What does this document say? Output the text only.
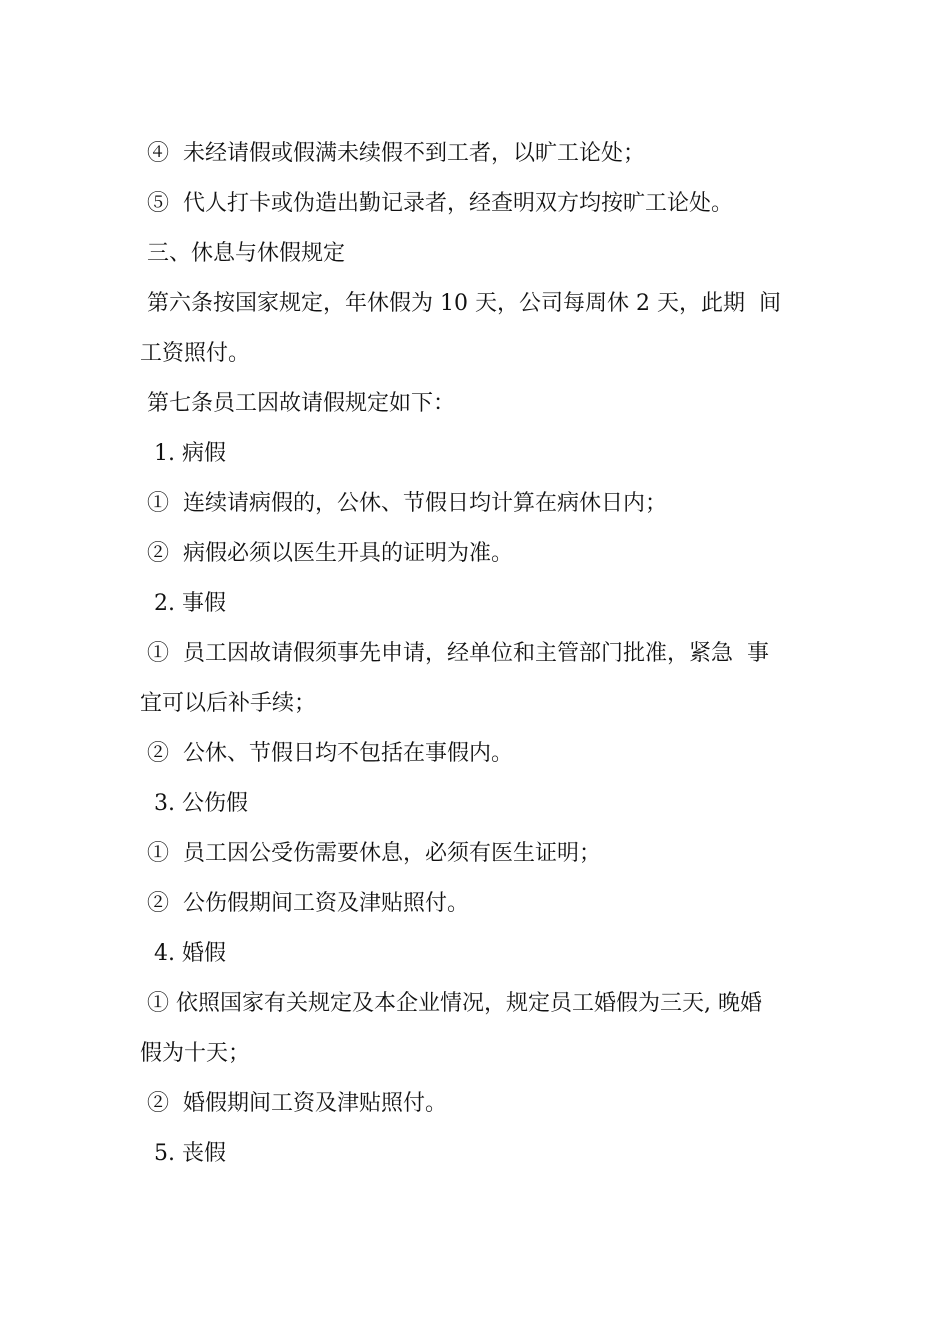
④  未经请假或假满未续假不到工者，以旷工论处；
⑤  代人打卡或伪造出勤记录者，经查明双方均按旷工论处。
三、休息与休假规定
第六条按国家规定，年休假为 10 天，公司每周休 2 天，此期  间
工资照付。
第七条员工因故请假规定如下：
1. 病假
①  连续请病假的，公休、节假日均计算在病休日内；
②  病假必须以医生开具的证明为准。
2. 事假
①  员工因故请假须事先申请，经单位和主管部门批准，紧急  事
宜可以后补手续；
②  公休、节假日均不包括在事假内。
3. 公伤假
①  员工因公受伤需要休息，必须有医生证明；
②  公伤假期间工资及津贴照付。
4. 婚假
① 依照国家有关规定及本企业情况，规定员工婚假为三天, 晚婚
假为十天；
②  婚假期间工资及津贴照付。
5. 丧假
